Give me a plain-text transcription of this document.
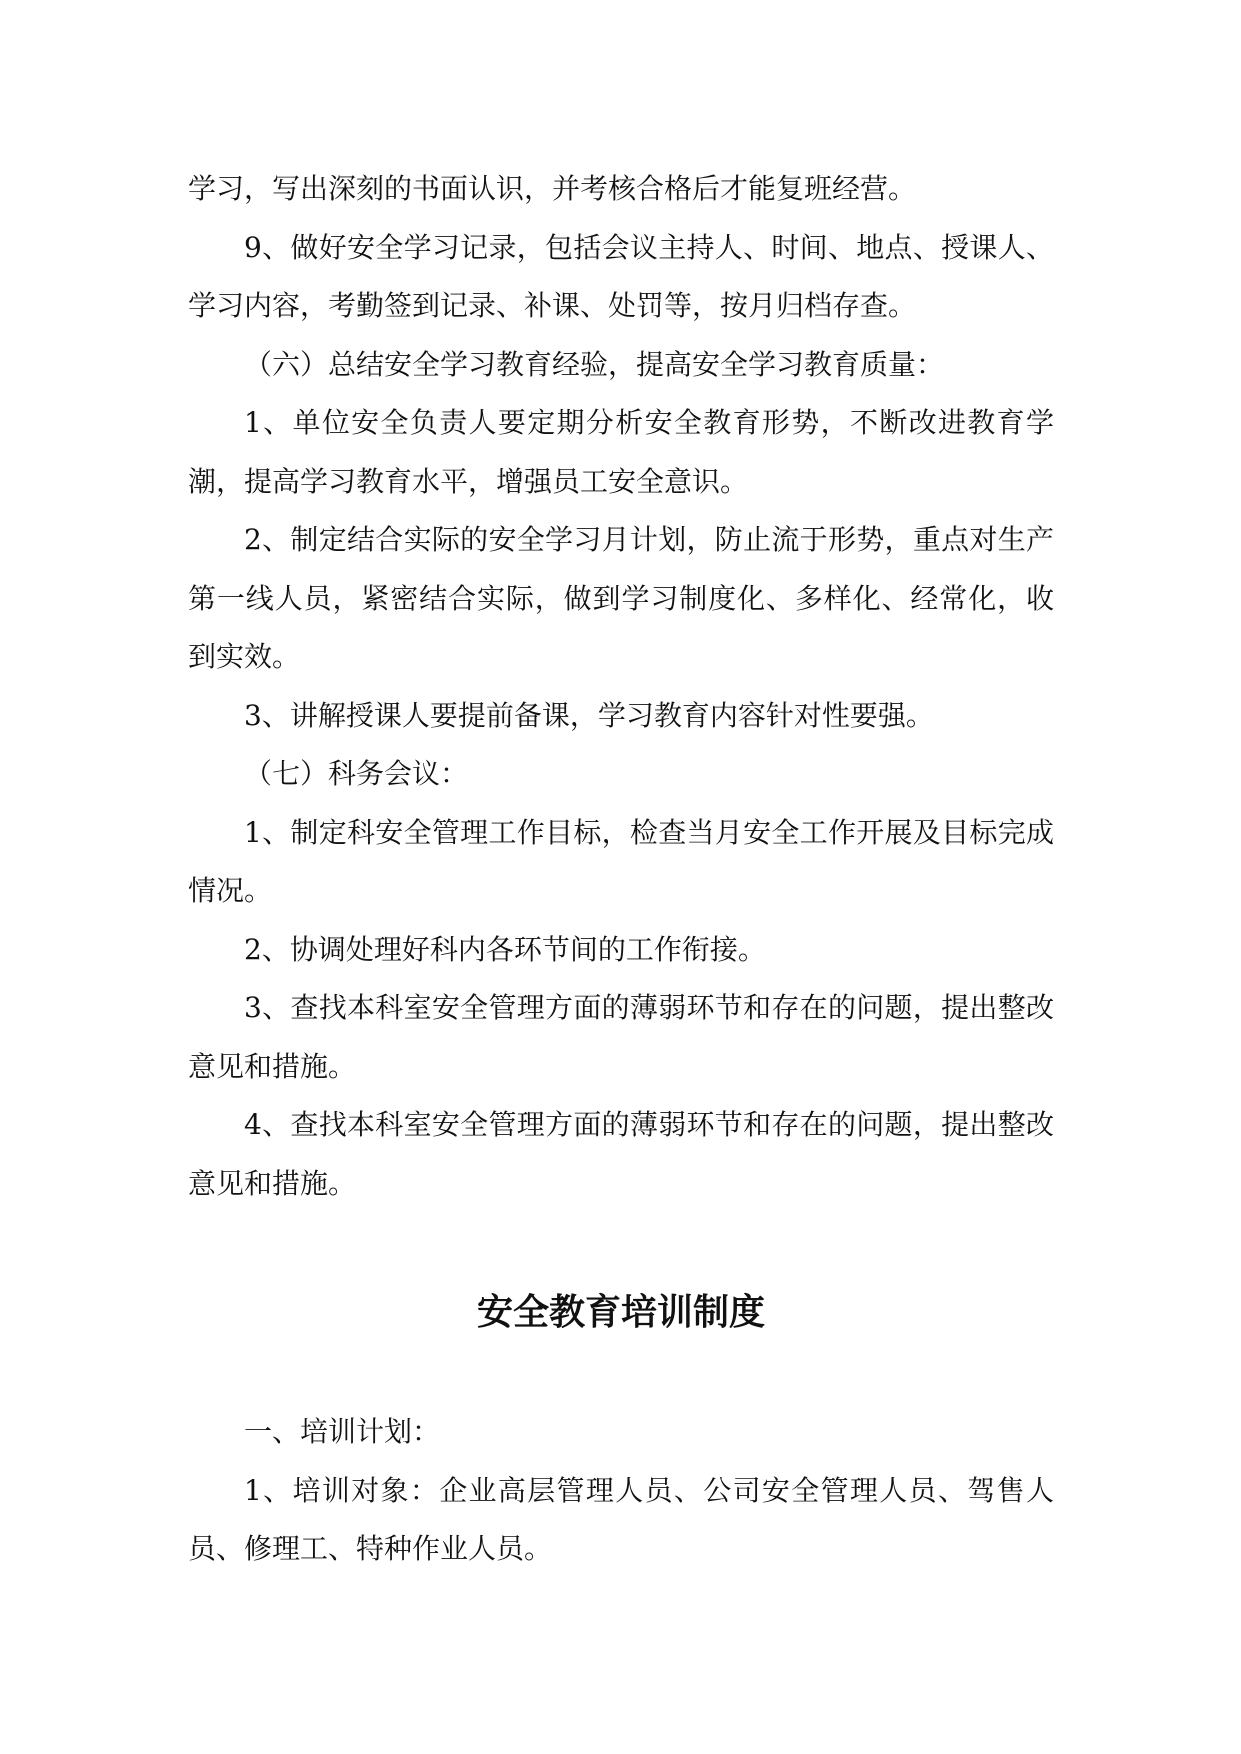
学习，写出深刻的书面认识，并考核合格后才能复班经营。

9、做好安全学习记录，包括会议主持人、时间、地点、授课人、学习内容，考勤签到记录、补课、处罚等，按月归档存查。

（六）总结安全学习教育经验，提高安全学习教育质量：

1、单位安全负责人要定期分析安全教育形势，不断改进教育学潮，提高学习教育水平，增强员工安全意识。

2、制定结合实际的安全学习月计划，防止流于形势，重点对生产第一线人员，紧密结合实际，做到学习制度化、多样化、经常化，收到实效。

3、讲解授课人要提前备课，学习教育内容针对性要强。

（七）科务会议：

1、制定科安全管理工作目标，检查当月安全工作开展及目标完成情况。

2、协调处理好科内各环节间的工作衔接。

3、查找本科室安全管理方面的薄弱环节和存在的问题，提出整改意见和措施。

4、查找本科室安全管理方面的薄弱环节和存在的问题，提出整改意见和措施。

安全教育培训制度

一、培训计划：

1、培训对象：企业高层管理人员、公司安全管理人员、驾售人员、修理工、特种作业人员。
